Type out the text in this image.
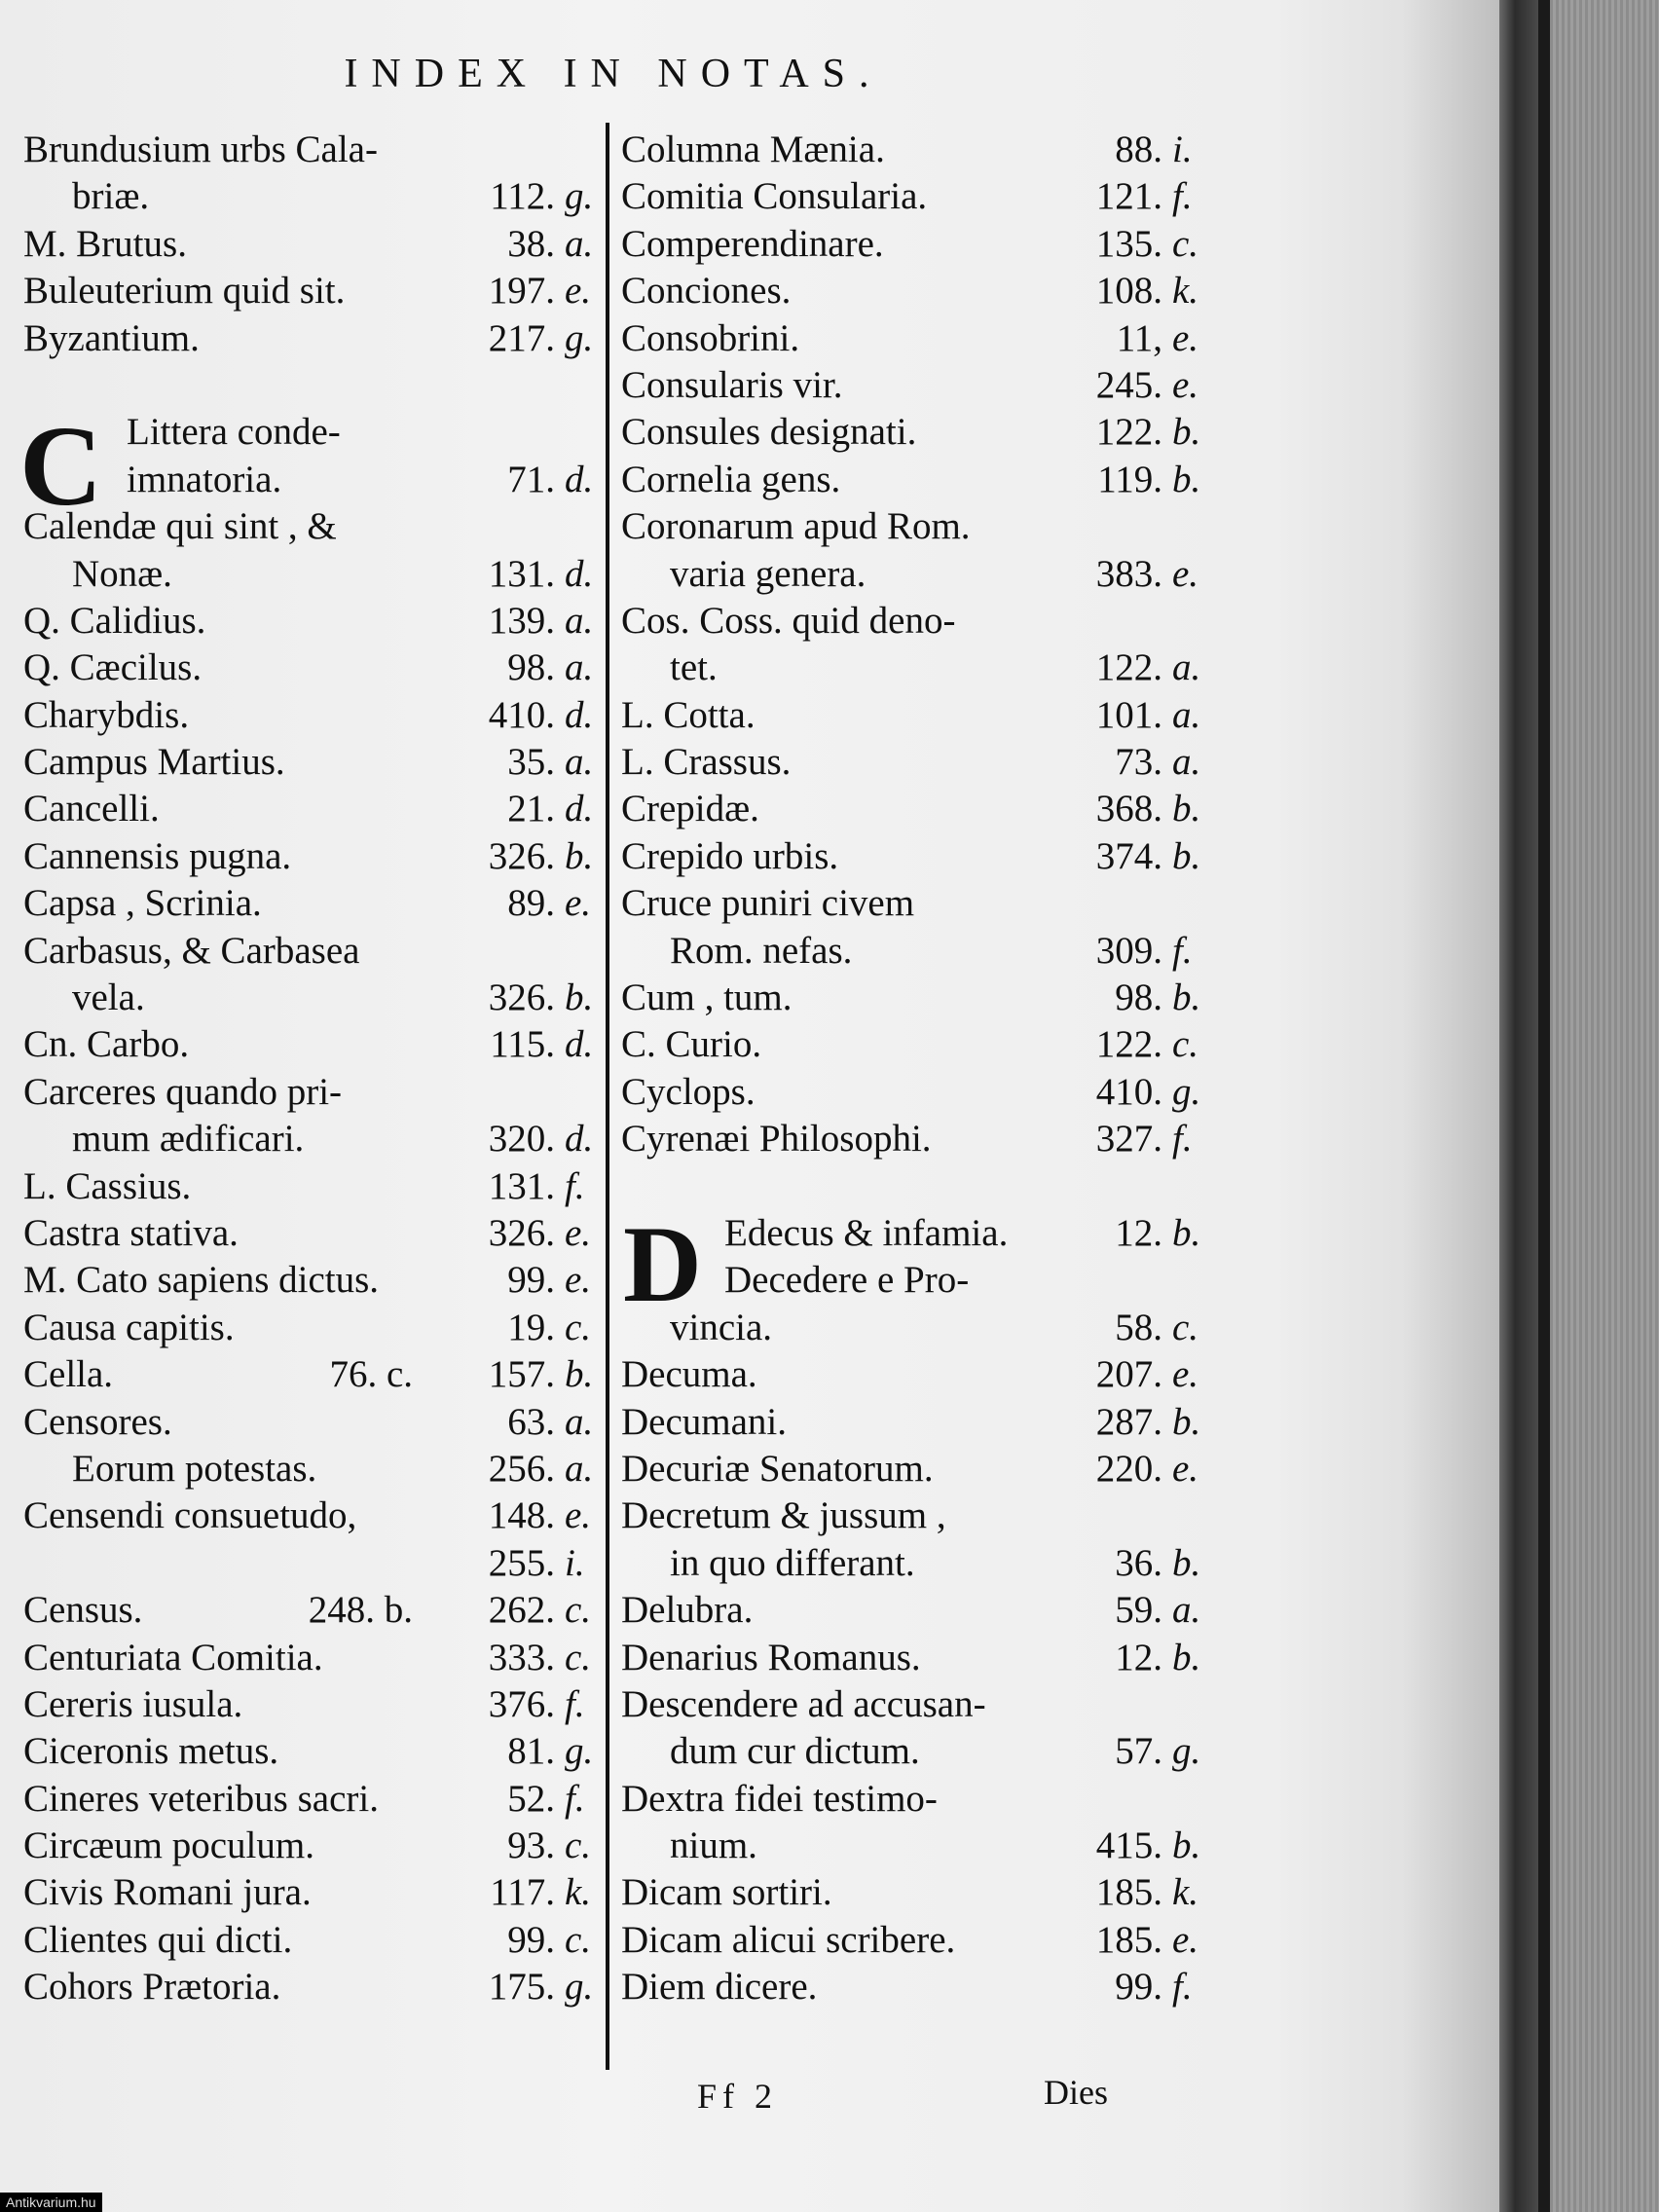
INDEX IN NOTAS.
Brundusium urbs Cala-
briæ.	112. g.
M. Brutus.	38. a.
Buleuterium quid sit.	197. e.
Byzantium.	217. g.
C Littera conde-
imnatoria.	71. d.
Calendæ qui sint , &
Nonæ.	131. d.
Q. Calidius.	139. a.
Q. Cæcilus.	98. a.
Charybdis.	410. d.
Campus Martius.	35. a.
Cancelli.	21. d.
Cannensis pugna.	326. b.
Capsa , Scrinia.	89. e.
Carbasus, & Carbasea
vela.	326. b.
Cn. Carbo.	115. d.
Carceres quando pri-
mum ædificari.	320. d.
L. Cassius.	131. f.
Castra stativa.	326. e.
M. Cato sapiens dictus.	99. e.
Causa capitis.	19. c.
Cella.	76. c. 157. b.
Censores.	63. a.
Eorum potestas.	256. a.
Censendi consuetudo,	148. e.
255. i.
Census.	248. b. 262. c.
Centuriata Comitia.	333. c.
Cereris iusula.	376. f.
Ciceronis metus.	81. g.
Cineres veteribus sacri.	52. f.
Circæum poculum.	93. c.
Civis Romani jura.	117. k.
Clientes qui dicti.	99. c.
Cohors Prætoria.	175. g.
Columna Mænia.	88. i.
Comitia Consularia.	121. f.
Comperendinare.	135. c.
Conciones.	108. k.
Consobrini.	11, e.
Consularis vir.	245. e.
Consules designati.	122. b.
Cornelia gens.	119. b.
Coronarum apud Rom.
varia genera.	383. e.
Cos. Coss. quid deno-
tet.	122. a.
L. Cotta.	101. a.
L. Crassus.	73. a.
Crepidæ.	368. b.
Crepido urbis.	374. b.
Cruce puniri civem
Rom. nefas.	309. f.
Cum , tum.	98. b.
C. Curio.	122. c.
Cyclops.	410. g.
Cyrenæi Philosophi.	327. f.
D Edecus & infamia.	12. b.
Decedere e Pro-
vincia.	58. c.
Decuma.	207. e.
Decumani.	287. b.
Decuriæ Senatorum.	220. e.
Decretum & jussum ,
in quo differant.	36. b.
Delubra.	59. a.
Denarius Romanus.	12. b.
Descendere ad accusan-
dum cur dictum.	57. g.
Dextra fidei testimo-
nium.	415. b.
Dicam sortiri.	185. k.
Dicam alicui scribere.	185. e.
Diem dicere.	99. f.
Ff 2	Dies
Antikvarium.hu
